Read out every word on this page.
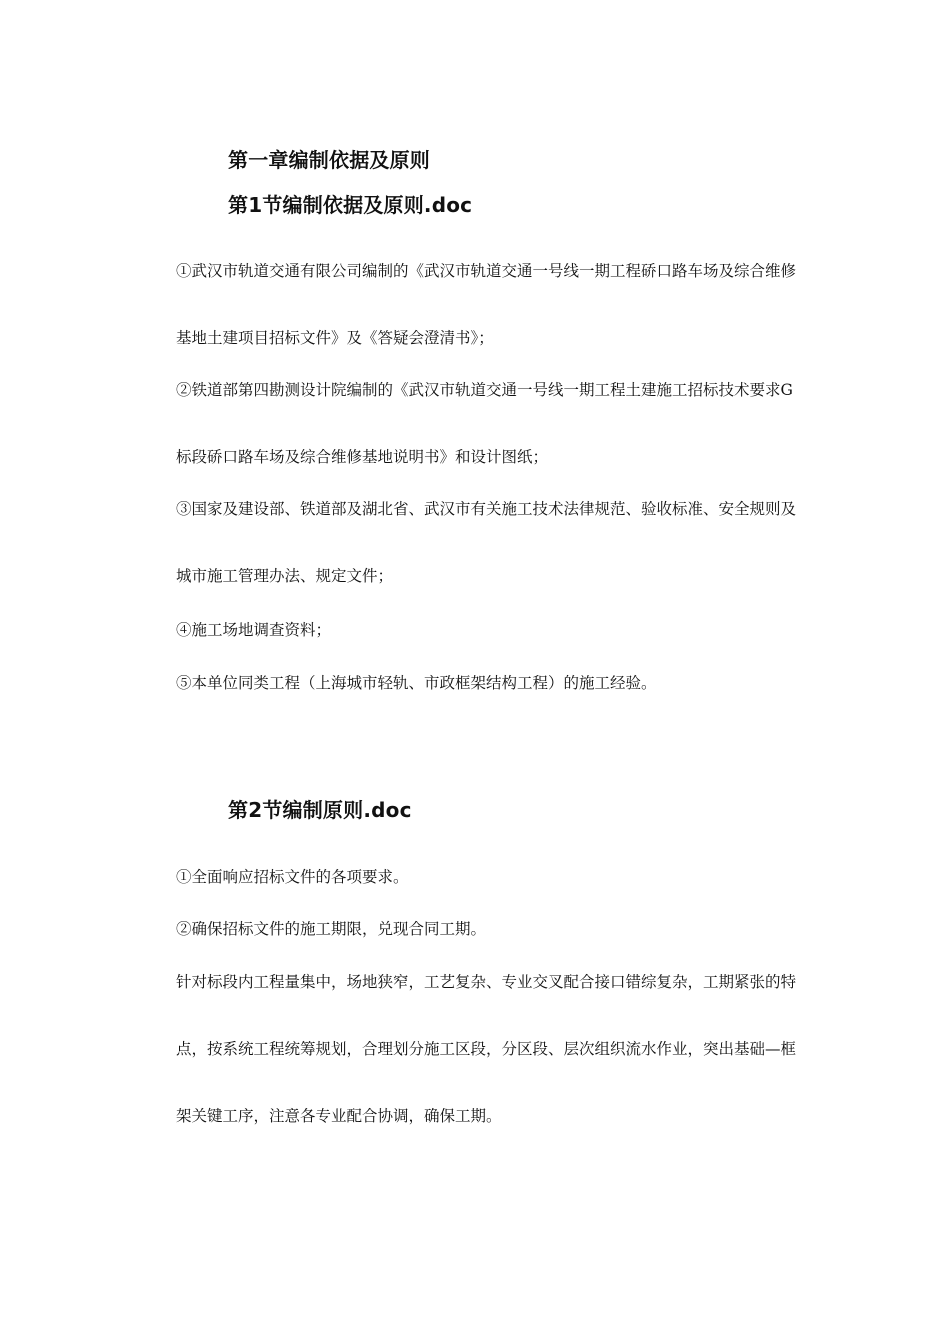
第一章编制依据及原则
第1节编制依据及原则.doc
①武汉市轨道交通有限公司编制的《武汉市轨道交通一号线一期工程硚口路车场及综合维修
基地土建项目招标文件》及《答疑会澄清书》；
②铁道部第四勘测设计院编制的《武汉市轨道交通一号线一期工程土建施工招标技术要求G
标段硚口路车场及综合维修基地说明书》和设计图纸；
③国家及建设部、铁道部及湖北省、武汉市有关施工技术法律规范、验收标准、安全规则及
城市施工管理办法、规定文件；
④施工场地调查资料；
⑤本单位同类工程（上海城市轻轨、市政框架结构工程）的施工经验。
第2节编制原则.doc
①全面响应招标文件的各项要求。
②确保招标文件的施工期限，兑现合同工期。
针对标段内工程量集中，场地狭窄，工艺复杂、专业交叉配合接口错综复杂，工期紧张的特
点，按系统工程统筹规划，合理划分施工区段，分区段、层次组织流水作业，突出基础—框
架关键工序，注意各专业配合协调，确保工期。
